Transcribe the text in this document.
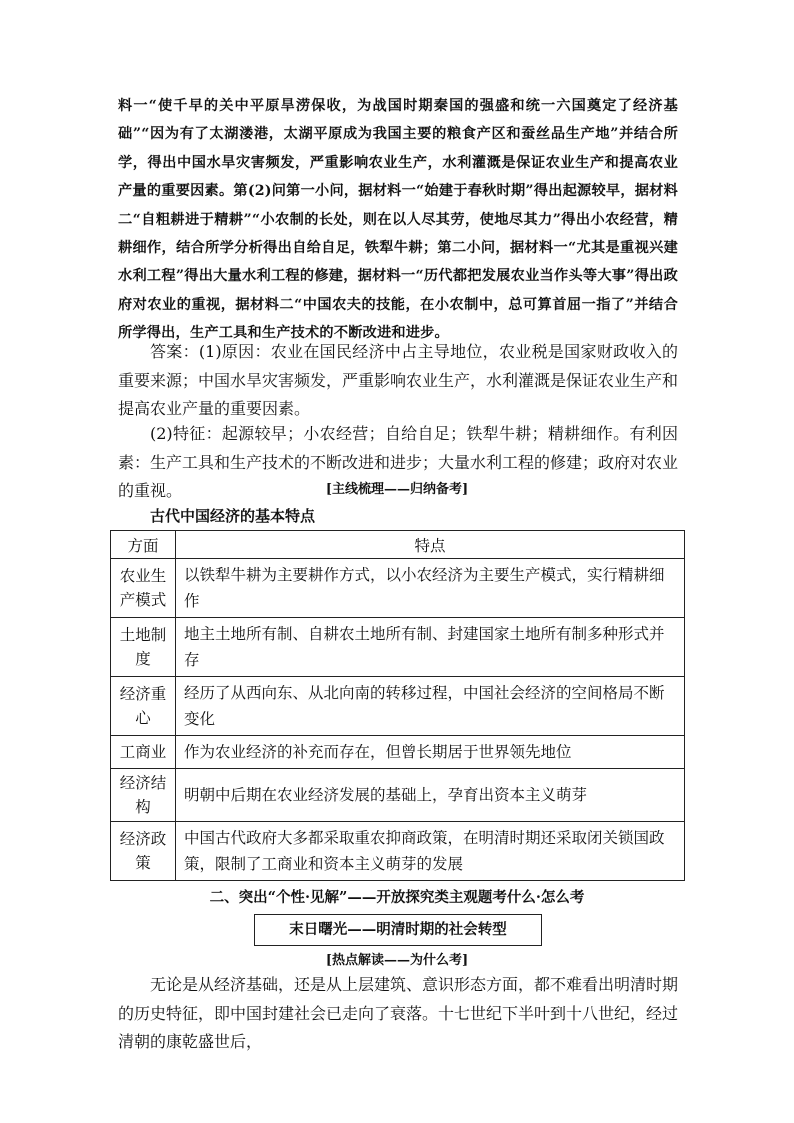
料一“使千早的关中平原旱涝保收，为战国时期秦国的强盛和统一六国奠定了经济基础”“因为有了太湖溇港，太湖平原成为我国主要的粮食产区和蚕丝品生产地”并结合所学，得出中国水旱灾害频发，严重影响农业生产，水利灌溉是保证农业生产和提高农业产量的重要因素。第(2)问第一小问，据材料一“始建于春秋时期”得出起源较早，据材料二“自粗耕进于精耕”“小农制的长处，则在以人尽其劳，使地尽其力”得出小农经营，精耕细作，结合所学分析得出自给自足，铁犁牛耕；第二小问，据材料一“尤其是重视兴建水利工程”得出大量水利工程的修建，据材料一“历代都把发展农业当作头等大事”得出政府对农业的重视，据材料二“中国农夫的技能，在小农制中，总可算首屈一指了”并结合所学得出，生产工具和生产技术的不断改进和进步。

答案：(1)原因：农业在国民经济中占主导地位，农业税是国家财政收入的重要来源；中国水旱灾害频发，严重影响农业生产，水利灌溉是保证农业生产和提高农业产量的重要因素。

(2)特征：起源较早；小农经营；自给自足；铁犁牛耕；精耕细作。有利因素：生产工具和生产技术的不断改进和进步；大量水利工程的修建；政府对农业的重视。	[主线梳理——归纳备考]

古代中国经济的基本特点

方面	特点
农业生产模式	以铁犁牛耕为主要耕作方式，以小农经济为主要生产模式，实行精耕细作
土地制度	地主土地所有制、自耕农土地所有制、封建国家土地所有制多种形式并存
经济重心	经历了从西向东、从北向南的转移过程，中国社会经济的空间格局不断变化
工商业	作为农业经济的补充而存在，但曾长期居于世界领先地位
经济结构	明朝中后期在农业经济发展的基础上，孕育出资本主义萌芽
经济政策	中国古代政府大多都采取重农抑商政策，在明清时期还采取闭关锁国政策，限制了工商业和资本主义萌芽的发展

二、突出“个性·见解”——开放探究类主观题考什么·怎么考

末日曙光——明清时期的社会转型

[热点解读——为什么考]

无论是从经济基础，还是从上层建筑、意识形态方面，都不难看出明清时期的历史特征，即中国封建社会已走向了衰落。十七世纪下半叶到十八世纪，经过清朝的康乾盛世后，
